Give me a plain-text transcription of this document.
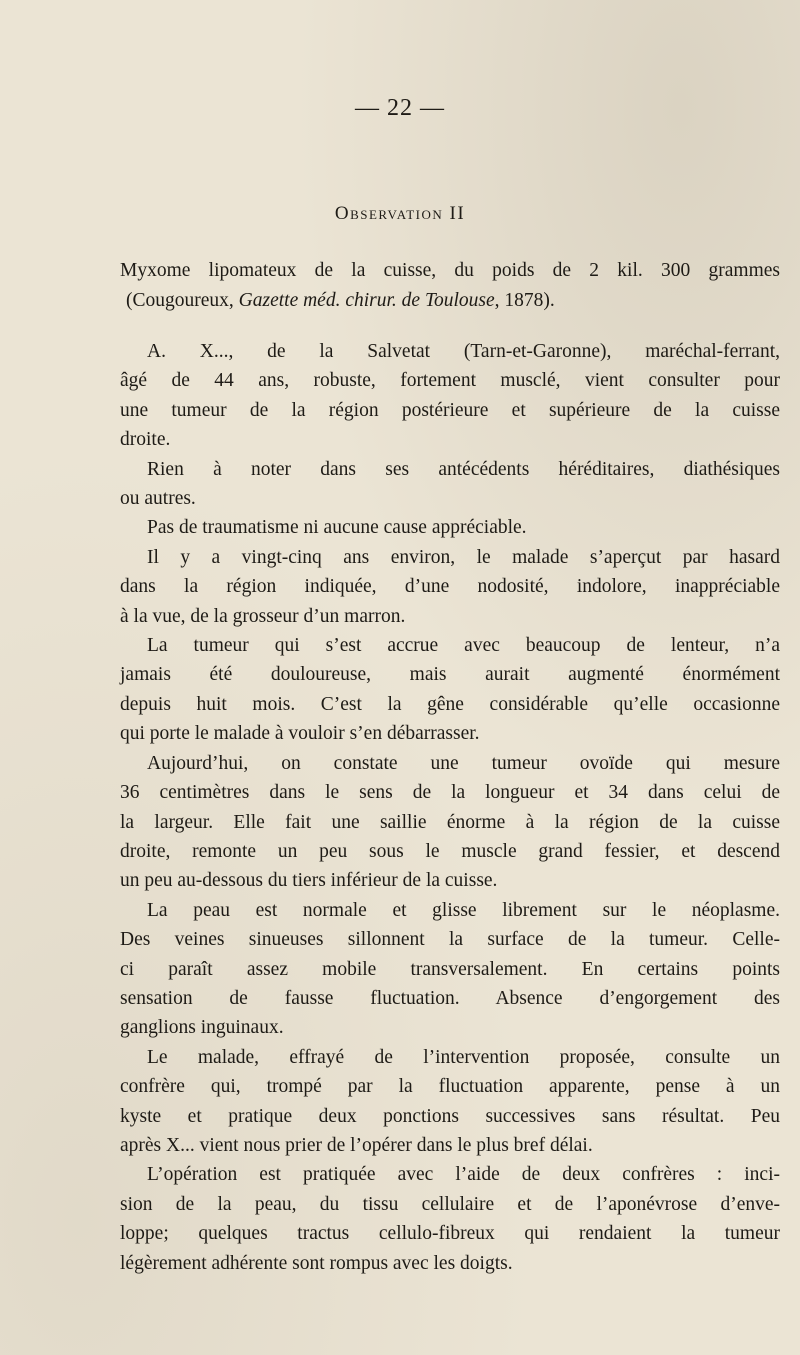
— 22 —
Observation II
Myxome lipomateux de la cuisse, du poids de 2 kil. 300 grammes
(Cougoureux, Gazette méd. chirur. de Toulouse, 1878).

A. X..., de la Salvetat (Tarn-et-Garonne), maréchal-ferrant,
âgé de 44 ans, robuste, fortement musclé, vient consulter pour
une tumeur de la région postérieure et supérieure de la cuisse
droite.

Rien à noter dans ses antécédents héréditaires, diathésiques
ou autres.

Pas de traumatisme ni aucune cause appréciable.

Il y a vingt-cinq ans environ, le malade s’aperçut par hasard
dans la région indiquée, d’une nodosité, indolore, inappréciable
à la vue, de la grosseur d’un marron.

La tumeur qui s’est accrue avec beaucoup de lenteur, n’a
jamais été douloureuse, mais aurait augmenté énormément
depuis huit mois. C’est la gêne considérable qu’elle occasionne
qui porte le malade à vouloir s’en débarrasser.

Aujourd’hui, on constate une tumeur ovoïde qui mesure
36 centimètres dans le sens de la longueur et 34 dans celui de
la largeur. Elle fait une saillie énorme à la région de la cuisse
droite, remonte un peu sous le muscle grand fessier, et descend
un peu au-dessous du tiers inférieur de la cuisse.

La peau est normale et glisse librement sur le néoplasme.
Des veines sinueuses sillonnent la surface de la tumeur. Celle-
ci paraît assez mobile transversalement. En certains points
sensation de fausse fluctuation. Absence d’engorgement des
ganglions inguinaux.

Le malade, effrayé de l’intervention proposée, consulte un
confrère qui, trompé par la fluctuation apparente, pense à un
kyste et pratique deux ponctions successives sans résultat. Peu
après X... vient nous prier de l’opérer dans le plus bref délai.

L’opération est pratiquée avec l’aide de deux confrères : inci-
sion de la peau, du tissu cellulaire et de l’aponévrose d’enve-
loppe; quelques tractus cellulo-fibreux qui rendaient la tumeur
légèrement adhérente sont rompus avec les doigts.
